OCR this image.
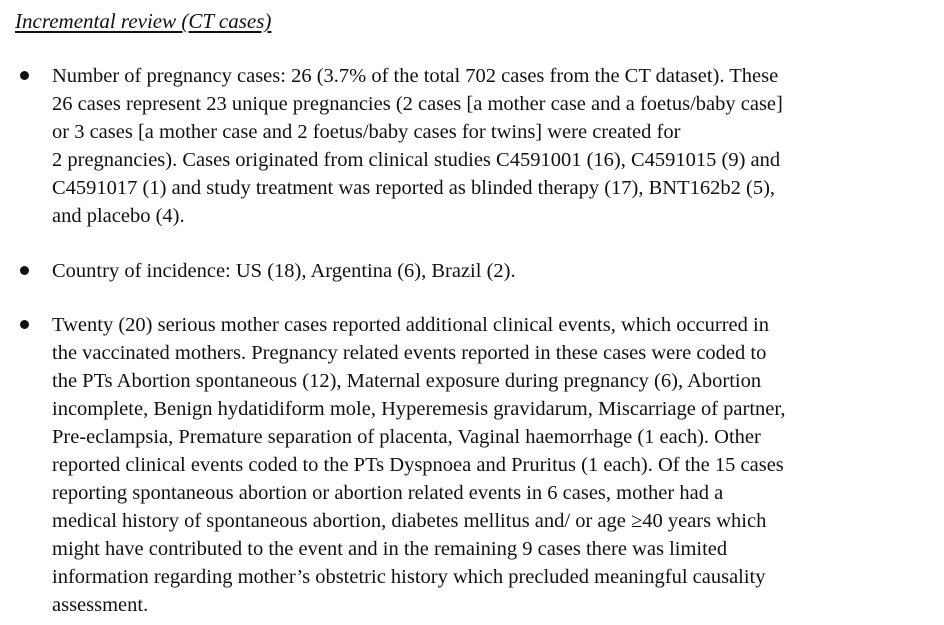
Incremental review (CT cases)
Number of pregnancy cases: 26 (3.7% of the total 702 cases from the CT dataset). These
26 cases represent 23 unique pregnancies (2 cases [a mother case and a foetus/baby case]
or 3 cases [a mother case and 2 foetus/baby cases for twins] were created for
2 pregnancies). Cases originated from clinical studies C4591001 (16), C4591015 (9) and
C4591017 (1) and study treatment was reported as blinded therapy (17), BNT162b2 (5),
and placebo (4).
Country of incidence: US (18), Argentina (6), Brazil (2).
Twenty (20) serious mother cases reported additional clinical events, which occurred in
the vaccinated mothers. Pregnancy related events reported in these cases were coded to
the PTs Abortion spontaneous (12), Maternal exposure during pregnancy (6), Abortion
incomplete, Benign hydatidiform mole, Hyperemesis gravidarum, Miscarriage of partner,
Pre-eclampsia, Premature separation of placenta, Vaginal haemorrhage (1 each). Other
reported clinical events coded to the PTs Dyspnoea and Pruritus (1 each). Of the 15 cases
reporting spontaneous abortion or abortion related events in 6 cases, mother had a
medical history of spontaneous abortion, diabetes mellitus and/ or age ≥40 years which
might have contributed to the event and in the remaining 9 cases there was limited
information regarding mother’s obstetric history which precluded meaningful causality
assessment.
